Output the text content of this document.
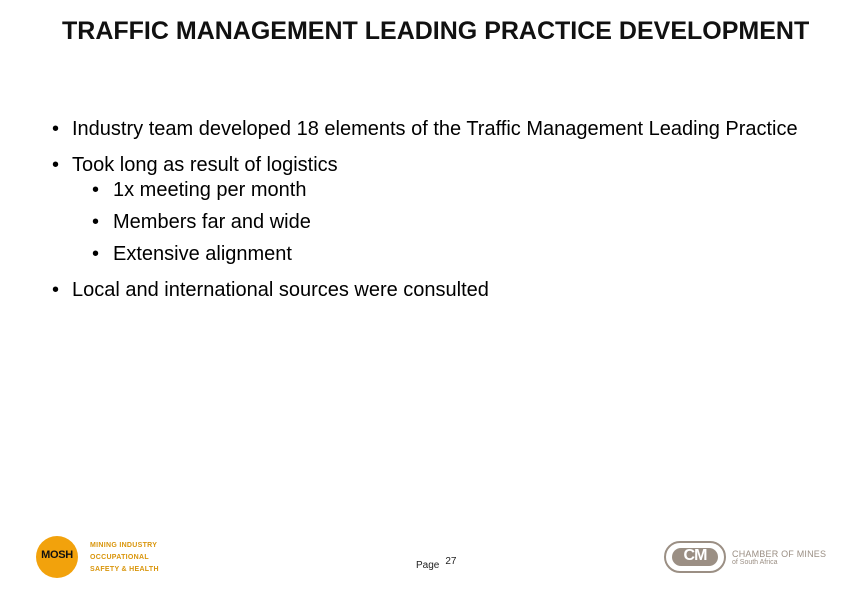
TRAFFIC MANAGEMENT LEADING PRACTICE DEVELOPMENT
• Industry team developed 18 elements of the Traffic Management Leading Practice
• Took long as result of logistics
• 1x meeting per month
• Members far and wide
• Extensive alignment
• Local and international sources were consulted
MOSH
MINING INDUSTRY
OCCUPATIONAL
SAFETY & HEALTH	Page 27	CM	CHAMBER OF MINES
of South Africa
